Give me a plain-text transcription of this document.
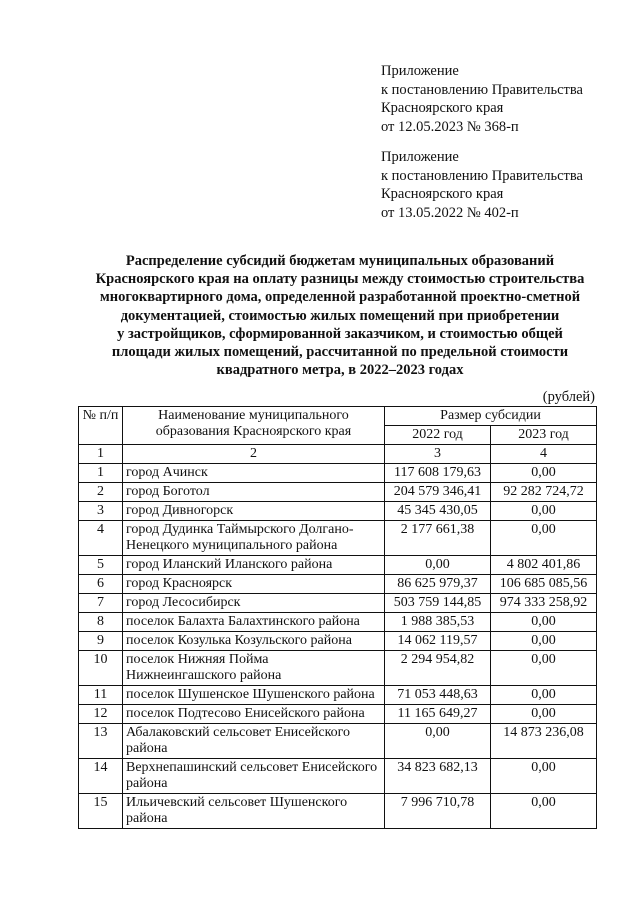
Приложение
к постановлению Правительства
Красноярского края
от 12.05.2023 № 368-п
Приложение
к постановлению Правительства
Красноярского края
от 13.05.2022 № 402-п
Распределение субсидий бюджетам муниципальных образований
Красноярского края на оплату разницы между стоимостью строительства
многоквартирного дома, определенной разработанной проектно-сметной
документацией, стоимостью жилых помещений при приобретении
у застройщиков, сформированной заказчиком, и стоимостью общей
площади жилых помещений, рассчитанной по предельной стоимости
квадратного метра, в 2022–2023 годах
(рублей)
№ п/п	Наименование муниципального образования Красноярского края	Размер субсидии	
		2022 год	2023 год
1	2	3	4
1	город Ачинск	117 608 179,63	0,00
2	город Боготол	204 579 346,41	92 282 724,72
3	город Дивногорск	45 345 430,05	0,00
4	город Дудинка Таймырского Долгано-Ненецкого муниципального района	2 177 661,38	0,00
5	город Иланский Иланского района	0,00	4 802 401,86
6	город Красноярск	86 625 979,37	106 685 085,56
7	город Лесосибирск	503 759 144,85	974 333 258,92
8	поселок Балахта Балахтинского района	1 988 385,53	0,00
9	поселок Козулька Козульского района	14 062 119,57	0,00
10	поселок Нижняя Пойма Нижнеингашского района	2 294 954,82	0,00
11	поселок Шушенское Шушенского района	71 053 448,63	0,00
12	поселок Подтесово Енисейского района	11 165 649,27	0,00
13	Абалаковский сельсовет Енисейского района	0,00	14 873 236,08
14	Верхнепашинский сельсовет Енисейского района	34 823 682,13	0,00
15	Ильичевский сельсовет Шушенского района	7 996 710,78	0,00
